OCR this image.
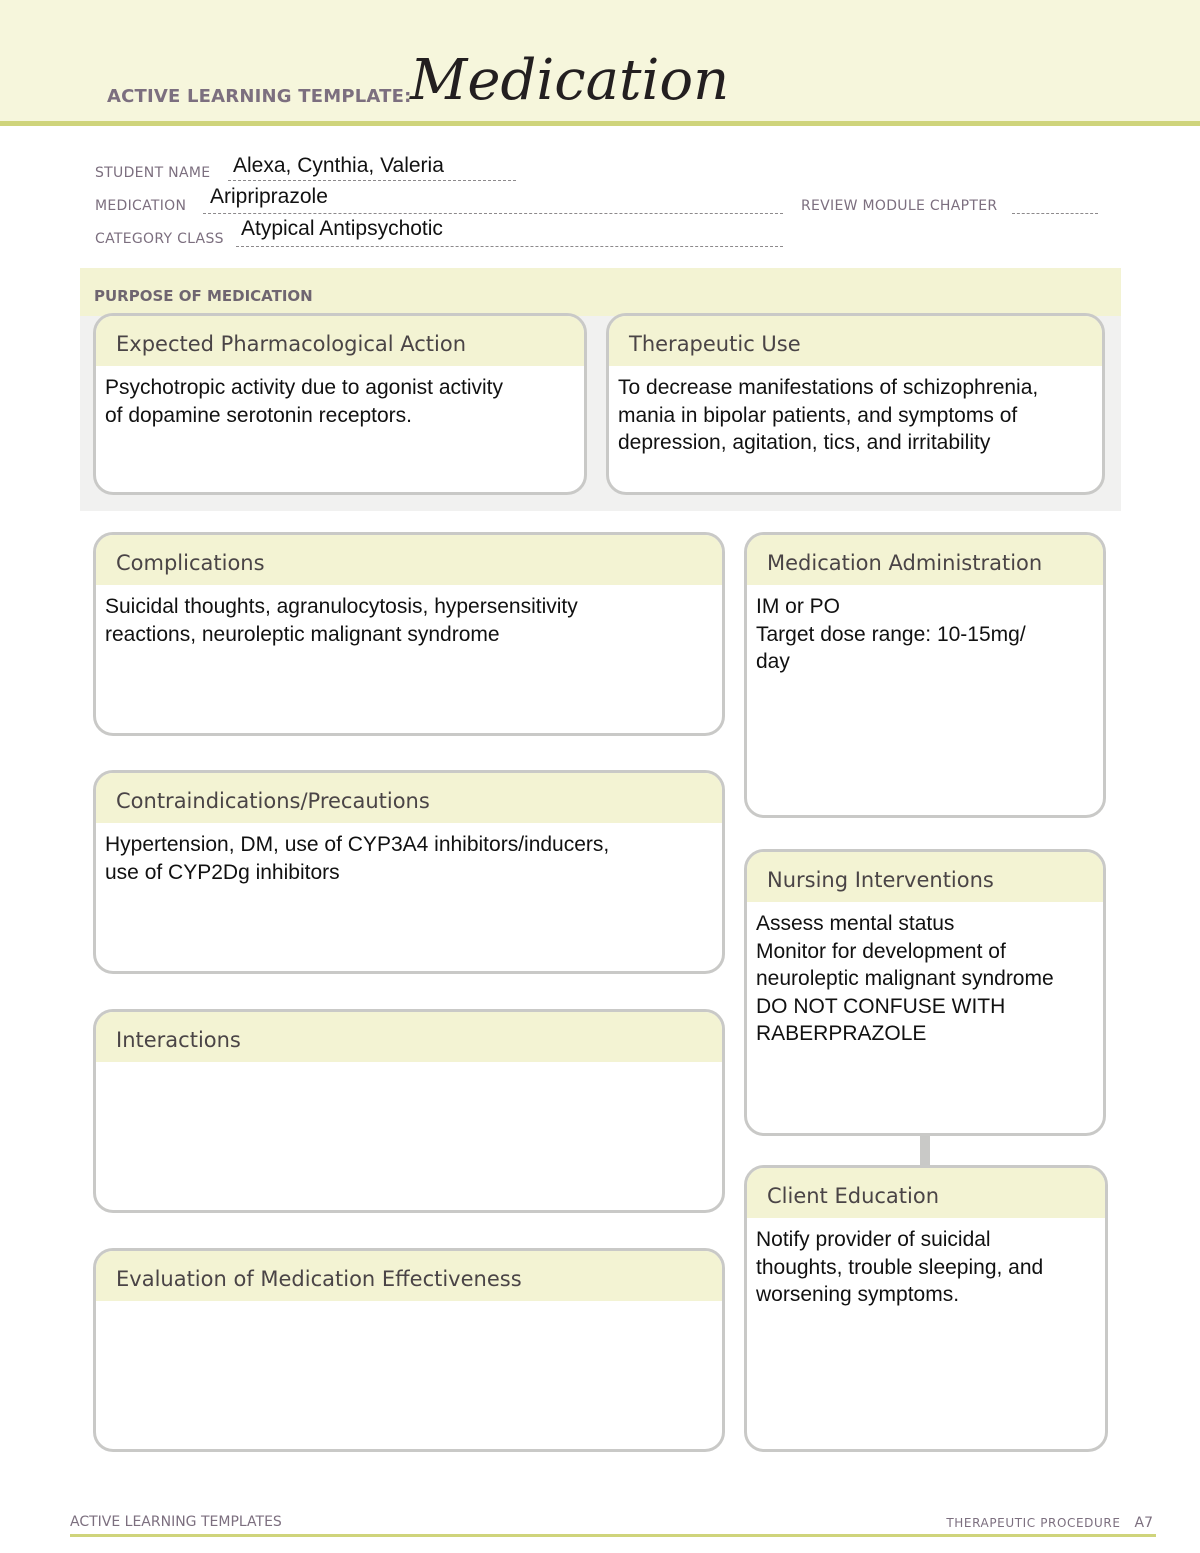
ACTIVE LEARNING TEMPLATE:
Medication
STUDENT NAME Alexa, Cynthia, Valeria
MEDICATION Aripriprazole	REVIEW MODULE CHAPTER
CATEGORY CLASS Atypical Antipsychotic
PURPOSE OF MEDICATION
Expected Pharmacological Action
Psychotropic activity due to agonist activity
of dopamine serotonin receptors.
Therapeutic Use
To decrease manifestations of schizophrenia,
mania in bipolar patients, and symptoms of
depression, agitation, tics, and irritability
Complications
Suicidal thoughts, agranulocytosis, hypersensitivity
reactions, neuroleptic malignant syndrome
Contraindications/Precautions
Hypertension, DM, use of CYP3A4 inhibitors/inducers,
use of CYP2Dg inhibitors
Interactions
Evaluation of Medication Effectiveness
Medication Administration
IM or PO
Target dose range: 10-15mg/
day
Nursing Interventions
Assess mental status
Monitor for development of
neuroleptic malignant syndrome
DO NOT CONFUSE WITH
RABERPRAZOLE
Client Education
Notify provider of suicidal
thoughts, trouble sleeping, and
worsening symptoms.
ACTIVE LEARNING TEMPLATES	THERAPEUTIC PROCEDURE A7
